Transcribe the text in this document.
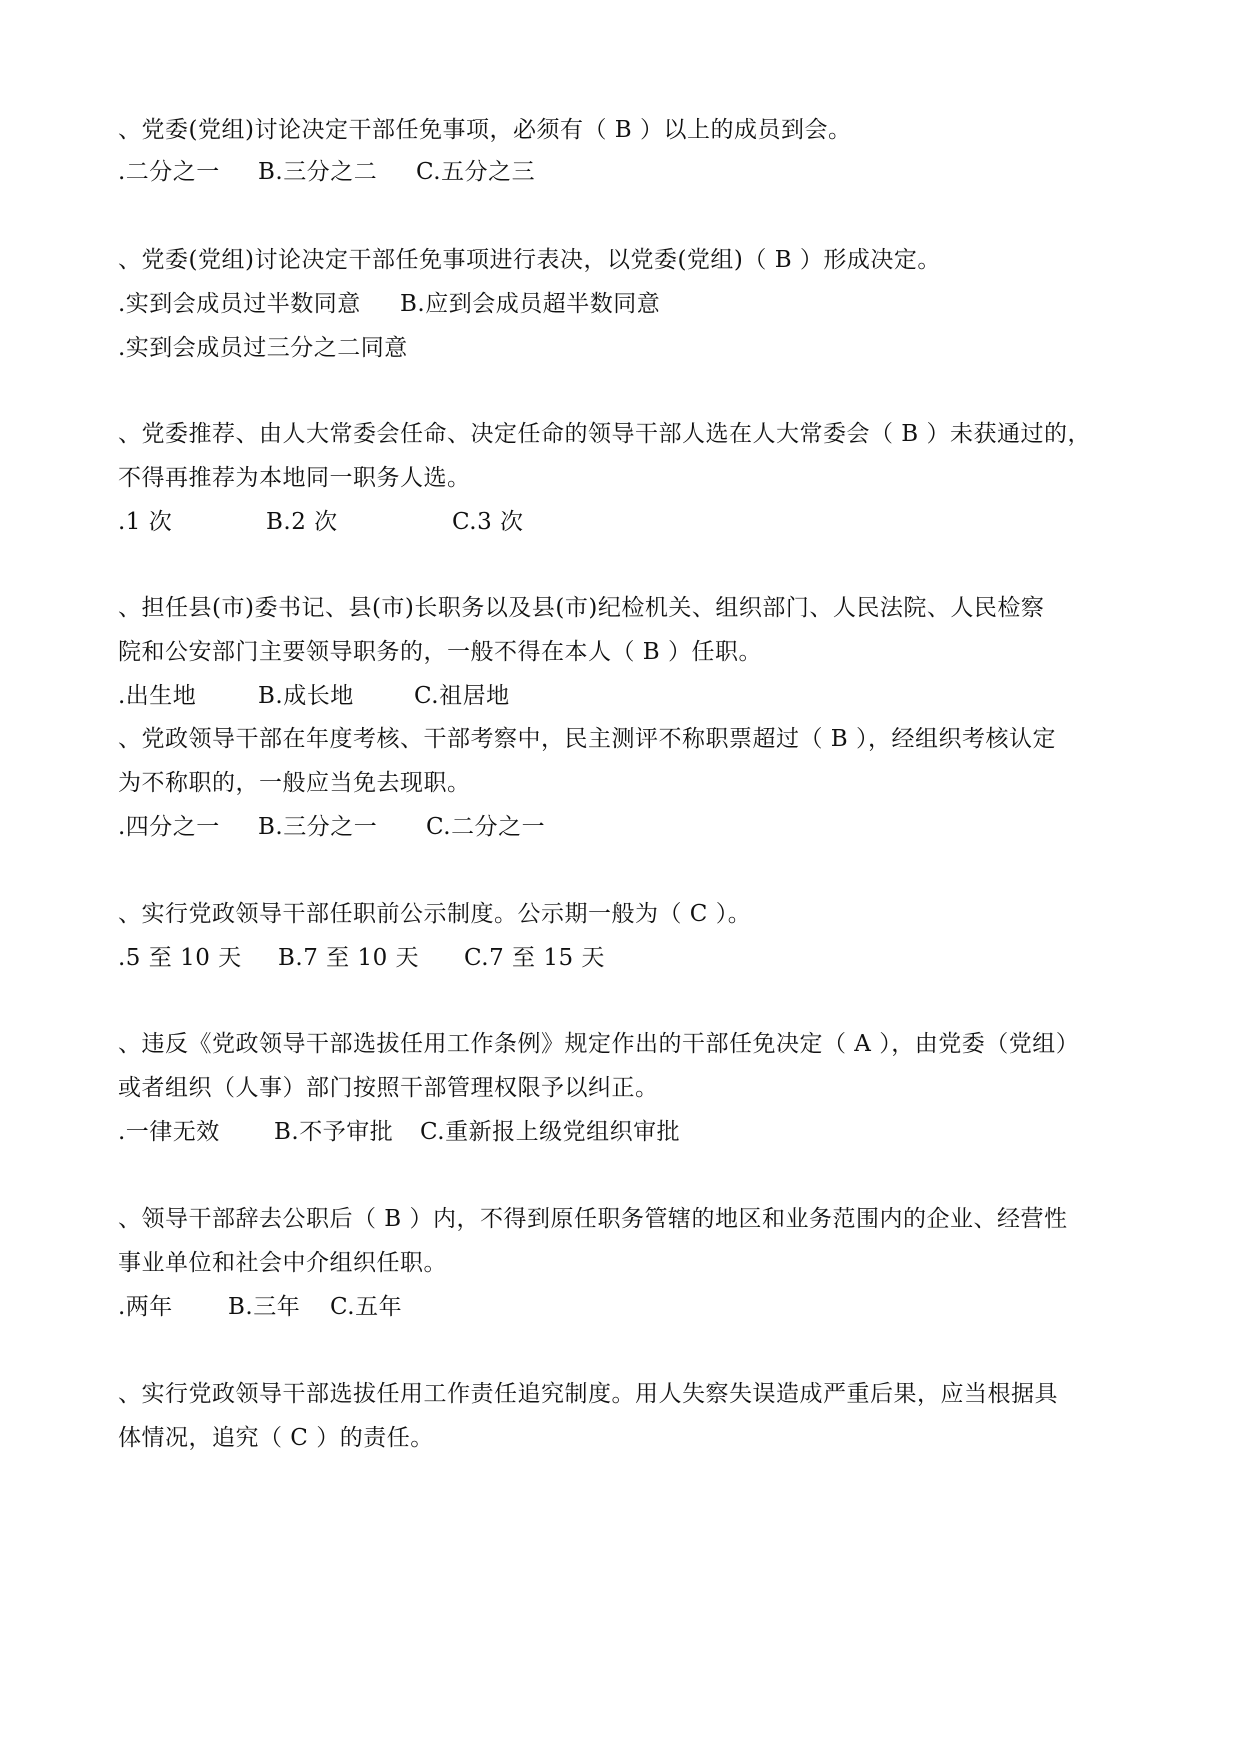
、党委(党组)讨论决定干部任免事项，必须有（ B ）以上的成员到会。
.二分之一 B.三分之二 C.五分之三
、党委(党组)讨论决定干部任免事项进行表决，以党委(党组)（ B ）形成决定。
.实到会成员过半数同意 B.应到会成员超半数同意
.实到会成员过三分之二同意
、党委推荐、由人大常委会任命、决定任命的领导干部人选在人大常委会（ B ）未获通过的，
不得再推荐为本地同一职务人选。
.1 次	B.2 次	C.3 次
、担任县(市)委书记、县(市)长职务以及县(市)纪检机关、组织部门、人民法院、人民检察
院和公安部门主要领导职务的，一般不得在本人（ B ）任职。
.出生地	B.成长地	C.祖居地
、党政领导干部在年度考核、干部考察中，民主测评不称职票超过（ B ），经组织考核认定
为不称职的，一般应当免去现职。
.四分之一 B.三分之一 C.二分之一
、实行党政领导干部任职前公示制度。公示期一般为（ C ）。
.5 至 10 天 B.7 至 10 天 C.7 至 15 天
、违反《党政领导干部选拔任用工作条例》规定作出的干部任免决定（ A ），由党委（党组）
或者组织（人事）部门按照干部管理权限予以纠正。
.一律无效 B.不予审批 C.重新报上级党组织审批
、领导干部辞去公职后（ B ）内，不得到原任职务管辖的地区和业务范围内的企业、经营性
事业单位和社会中介组织任职。
.两年 B.三年 C.五年
、实行党政领导干部选拔任用工作责任追究制度。用人失察失误造成严重后果，应当根据具
体情况，追究（ C ）的责任。
